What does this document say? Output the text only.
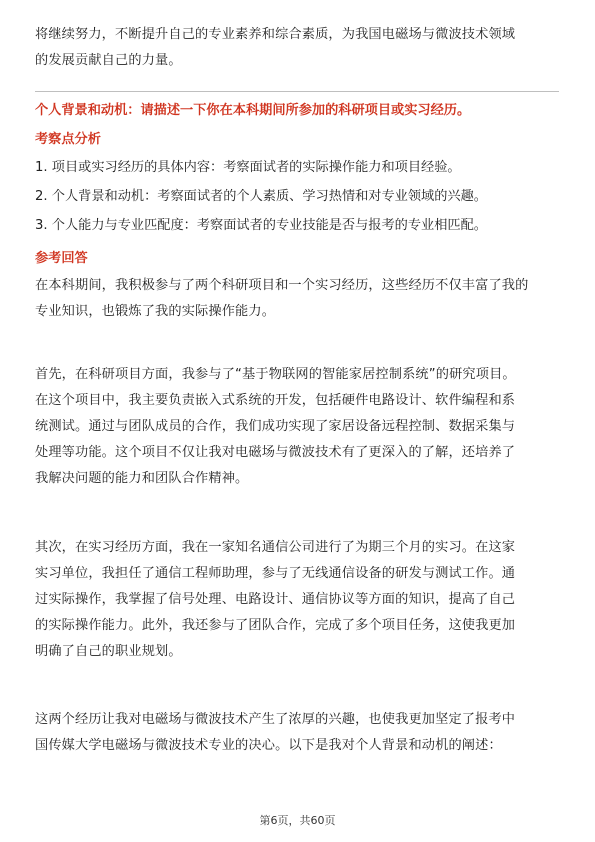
将继续努力，不断提升自己的专业素养和综合素质，为我国电磁场与微波技术领域
的发展贡献自己的力量。

个人背景和动机：请描述一下你在本科期间所参加的科研项目或实习经历。
考察点分析
1. 项目或实习经历的具体内容：考察面试者的实际操作能力和项目经验。
2. 个人背景和动机：考察面试者的个人素质、学习热情和对专业领域的兴趣。
3. 个人能力与专业匹配度：考察面试者的专业技能是否与报考的专业相匹配。
参考回答

在本科期间，我积极参与了两个科研项目和一个实习经历，这些经历不仅丰富了我的
专业知识，也锻炼了我的实际操作能力。

首先，在科研项目方面，我参与了“基于物联网的智能家居控制系统”的研究项目。
在这个项目中，我主要负责嵌入式系统的开发，包括硬件电路设计、软件编程和系
统测试。通过与团队成员的合作，我们成功实现了家居设备远程控制、数据采集与
处理等功能。这个项目不仅让我对电磁场与微波技术有了更深入的了解，还培养了
我解决问题的能力和团队合作精神。

其次，在实习经历方面，我在一家知名通信公司进行了为期三个月的实习。在这家
实习单位，我担任了通信工程师助理，参与了无线通信设备的研发与测试工作。通
过实际操作，我掌握了信号处理、电路设计、通信协议等方面的知识，提高了自己
的实际操作能力。此外，我还参与了团队合作，完成了多个项目任务，这使我更加
明确了自己的职业规划。

这两个经历让我对电磁场与微波技术产生了浓厚的兴趣，也使我更加坚定了报考中
国传媒大学电磁场与微波技术专业的决心。以下是我对个人背景和动机的阐述：

第6页，共60页
